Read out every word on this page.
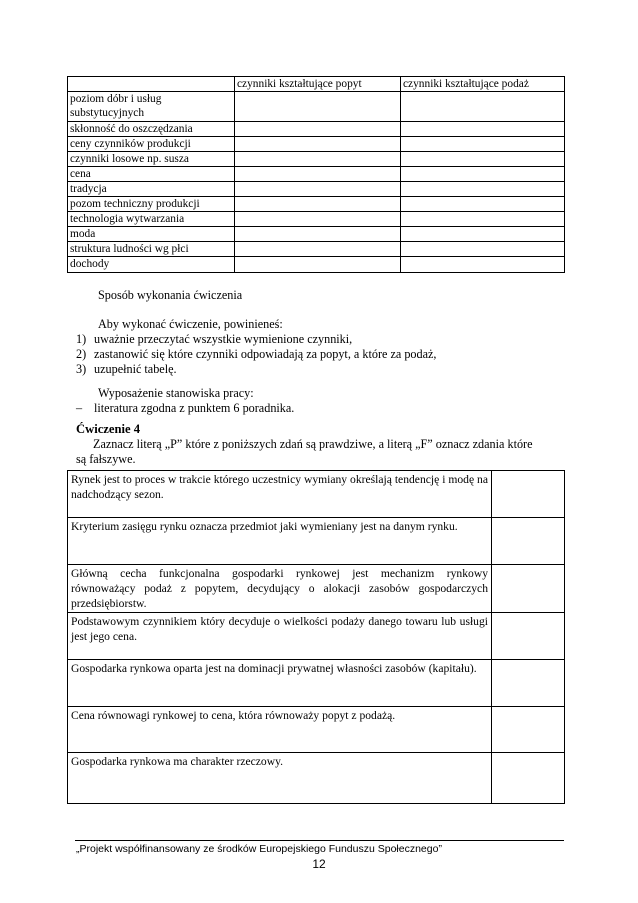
	czynniki kształtujące popyt	czynniki kształtujące podaż
poziom dóbr i usług substytucyjnych		
skłonność do oszczędzania		
ceny czynników produkcji		
czynniki losowe np. susza		
cena		
tradycja		
pozom techniczny produkcji		
technologia wytwarzania		
moda		
struktura ludności wg płci		
dochody		
Sposób wykonania ćwiczenia
Aby wykonać ćwiczenie, powinieneś:
1) uważnie przeczytać wszystkie wymienione czynniki,
2) zastanowić się które czynniki odpowiadają za popyt, a które za podaż,
3) uzupełnić tabelę.
Wyposażenie stanowiska pracy:
– literatura zgodna z punktem 6 poradnika.
Ćwiczenie 4

Zaznacz literą „P” które z poniższych zdań są prawdziwe, a literą „F” oznacz zdania które

są fałszywe.

Rynek jest to proces w trakcie którego uczestnicy wymiany określają tendencję i modę na nadchodzący sezon.	
Kryterium zasięgu rynku oznacza przedmiot jaki wymieniany jest na danym rynku.	
Główną cecha funkcjonalna gospodarki rynkowej jest mechanizm rynkowy równoważący podaż z popytem, decydujący o alokacji zasobów gospodarczych przedsiębiorstw.	
Podstawowym czynnikiem który decyduje o wielkości podaży danego towaru lub usługi jest jego cena.	
Gospodarka rynkowa oparta jest na dominacji prywatnej własności zasobów (kapitału).	
Cena równowagi rynkowej to cena, która równoważy popyt z podażą.	
Gospodarka rynkowa ma charakter rzeczowy.	
„Projekt współfinansowany ze środków Europejskiego Funduszu Społecznego”
12
